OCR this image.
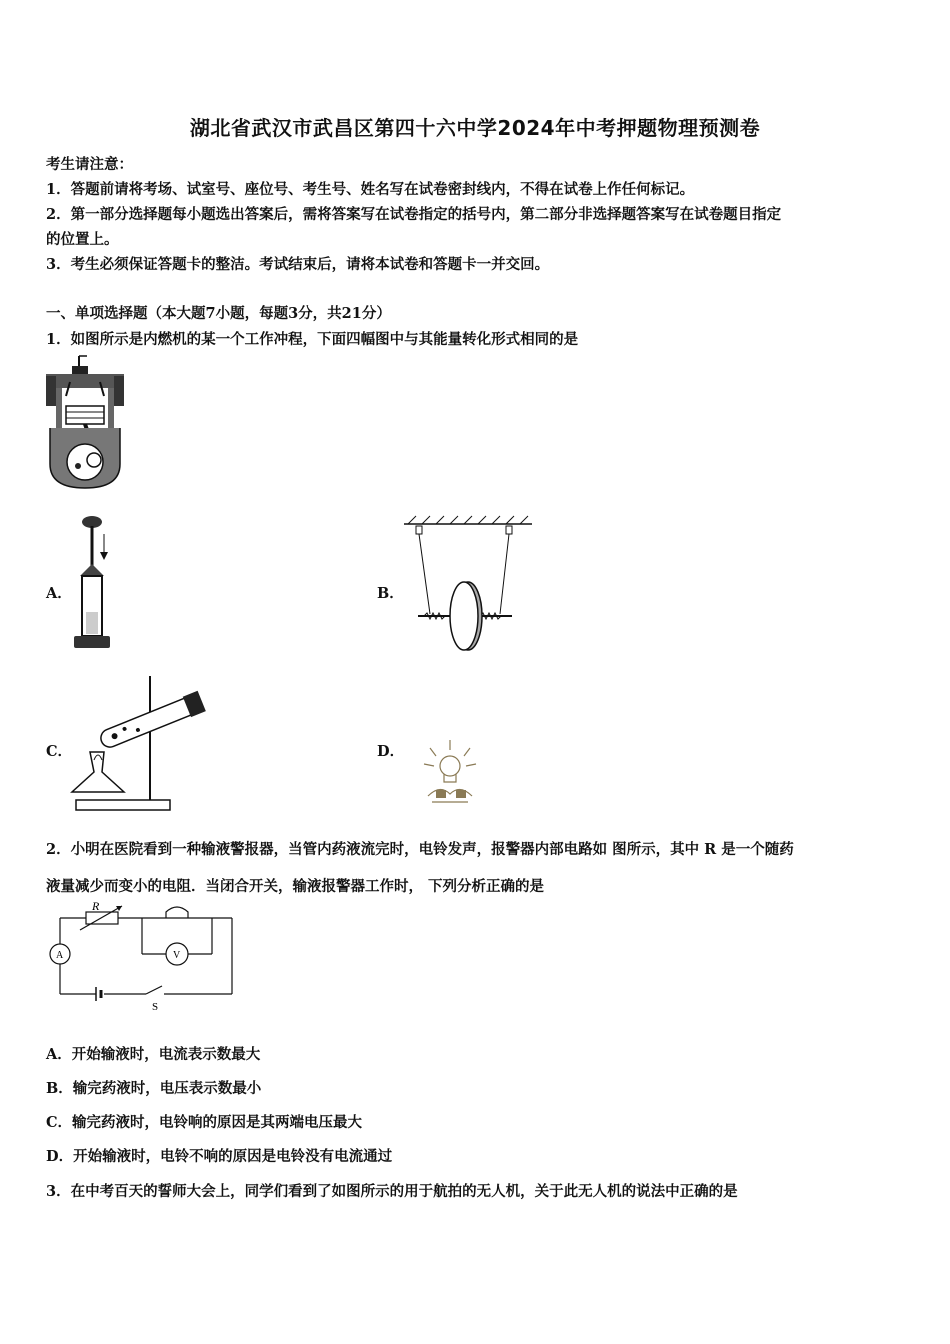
湖北省武汉市武昌区第四十六中学2024年中考押题物理预测卷
考生请注意：
1．答题前请将考场、试室号、座位号、考生号、姓名写在试卷密封线内，不得在试卷上作任何标记。
2．第一部分选择题每小题选出答案后，需将答案写在试卷指定的括号内，第二部分非选择题答案写在试卷题目指定
的位置上。
3．考生必须保证答题卡的整洁。考试结束后，请将本试卷和答题卡一并交回。
一、单项选择题（本大题7小题，每题3分，共21分）
1．如图所示是内燃机的某一个工作冲程，下面四幅图中与其能量转化形式相同的是
A．	B．
C．	D．
2．小明在医院看到一种输液警报器，当管内药液流完时，电铃发声，报警器内部电路如 图所示，其中 R 是一个随药
液量减少而变小的电阻．当闭合开关，输液报警器工作时， 下列分析正确的是
R
A	V
S
A．开始输液时，电流表示数最大
B．输完药液时，电压表示数最小
C．输完药液时，电铃响的原因是其两端电压最大
D．开始输液时，电铃不响的原因是电铃没有电流通过
3．在中考百天的誓师大会上，同学们看到了如图所示的用于航拍的无人机，关于此无人机的说法中正确的是
